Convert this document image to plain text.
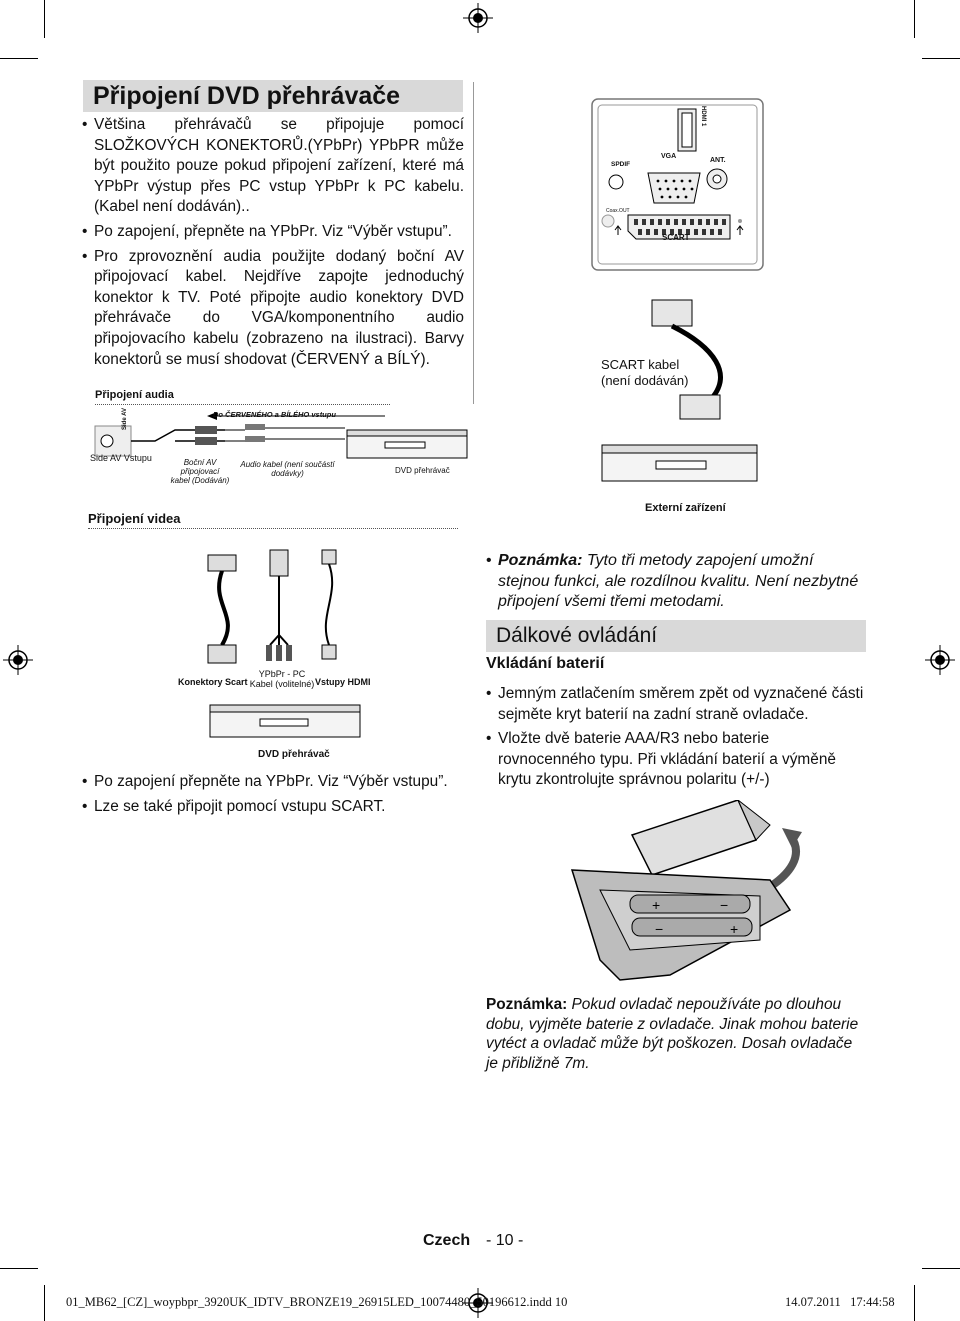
Připojení DVD přehrávače
• Většina přehrávačů se připojuje pomocí SLOŽKOVÝCH KONEKTORŮ.(YPbPr) YPbPR může být použito pouze pokud připojení zařízení, které má YPbPr výstup přes PC vstup YPbPr k PC kabelu.(Kabel není dodáván)..
• Po zapojení, přepněte na YPbPr. Viz “Výběr vstupu”.
• Pro zprovoznění audia použijte dodaný boční AV připojovací kabel. Nejdříve zapojte jednoduchý konektor k TV. Poté připojte audio konektory DVD přehrávače do VGA/komponentního audio připojovacího kabelu (zobrazeno na ilustraci). Barvy konektorů se musí shodovat (ČERVENÝ a BÍLÝ).
Připojení audia
Do ČERVENÉHO a BÍLÉHO vstupu
Side AV
Side AV Vstupu	Boční AV připojovací kabel (Dodáván)
Audio kabel (není součástí dodávky)	DVD přehrávač
Připojení videa
Konektory Scart
YPbPr - PC Kabel (volitelné) Vstupy HDMI
DVD přehrávač
• Po zapojení přepněte na YPbPr. Viz “Výběr vstupu”.
• Lze se také připojit pomocí vstupu SCART.
SPDIF
Coax.OUT
VGA
HDMI 1
ANT.
SCART
SCART kabel (není dodáván)
Externí zařízení
• Poznámka: Tyto tři metody zapojení umožní stejnou funkci, ale rozdílnou kvalitu. Není nezbytné připojení všemi třemi metodami.
Dálkové ovládání
Vkládání baterií
• Jemným zatlačením směrem zpět od vyznačené části sejměte kryt baterií na zadní straně ovladače.
• Vložte dvě baterie AAA/R3 nebo baterie rovnocenného typu. Při vkládání baterií a výměně krytu zkontrolujte správnou polaritu (+/-)
+	−
−	+
Poznámka: Pokud ovladač nepoužíváte po dlouhou dobu, vyjměte baterie z ovladače. Jinak mohou baterie vytéct a ovladač může být poškozen. Dosah ovladače je přibližně 7m.
Czech - 10 -
01_MB62_[CZ]_woypbpr_3920UK_IDTV_BRONZE19_26915LED_10074480_50196612.indd 10	14.07.2011   17:44:58
